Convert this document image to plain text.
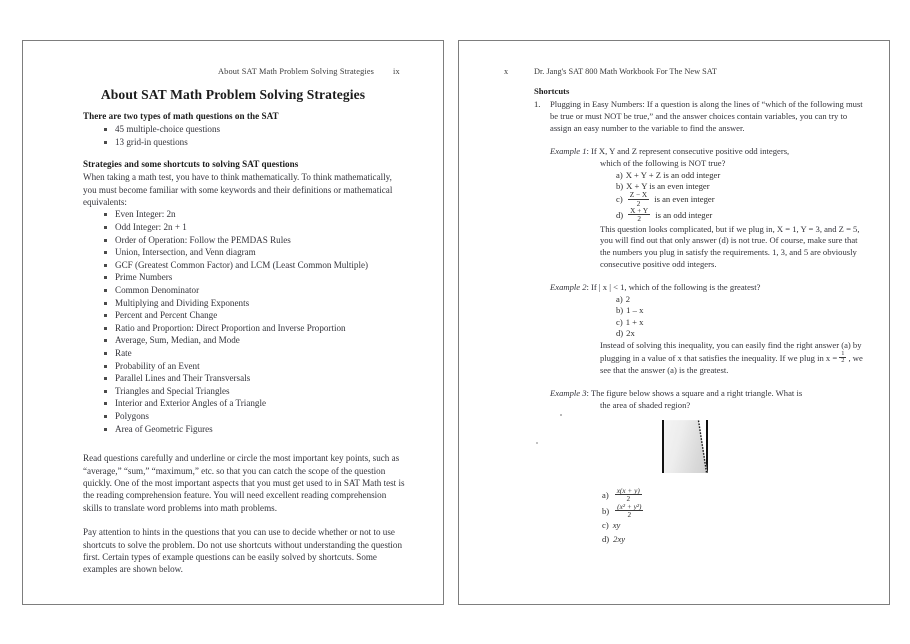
About SAT Math Problem Solving Strategies ix
About SAT Math Problem Solving Strategies
There are two types of math questions on the SAT
45 multiple-choice questions
13 grid-in questions
Strategies and some shortcuts to solving SAT questions

When taking a math test, you have to think mathematically. To think mathematically, you must become familiar with some keywords and their definitions or mathematical equivalents:

Even Integer: 2n
Odd Integer: 2n + 1
Order of Operation: Follow the PEMDAS Rules
Union, Intersection, and Venn diagram
GCF (Greatest Common Factor) and LCM (Least Common Multiple)
Prime Numbers
Common Denominator
Multiplying and Dividing Exponents
Percent and Percent Change
Ratio and Proportion: Direct Proportion and Inverse Proportion
Average, Sum, Median, and Mode
Rate
Probability of an Event
Parallel Lines and Their Transversals
Triangles and Special Triangles
Interior and Exterior Angles of a Triangle
Polygons
Area of Geometric Figures

Read questions carefully and underline or circle the most important key points, such as “average,” “sum,” “maximum,” etc. so that you can catch the scope of the question quickly. One of the most important aspects that you must get used to in SAT Math test is the reading comprehension feature. You will need excellent reading comprehension skills to translate word problems into math problems.

Pay attention to hints in the questions that you can use to decide whether or not to use shortcuts to solve the problem. Do not use shortcuts without understanding the question first. Certain types of example questions can be easily solved by shortcuts. Some examples are shown below.

x	Dr. Jang's SAT 800 Math Workbook For The New SAT
Shortcuts
1. Plugging in Easy Numbers: If a question is along the lines of “which of the following must be true or must NOT be true,” and the answer choices contain variables, you can try to assign an easy number to the variable to find the answer.

Example 1: If X, Y and Z represent consecutive positive odd integers,

which of the following is NOT true?

a) X + Y + Z is an odd integer
b) X + Y is an even integer
$c) \frac{Z - X}{2}$ is an even integer
$d) \frac{X + Y}{2}$ is an odd integer

This question looks complicated, but if we plug in, X = 1, Y = 3, and Z = 5, you will find out that only answer (d) is not true. Of course, make sure that the numbers you plug in satisfy the requirements. 1, 3, and 5 are obviously consecutive positive odd integers.

Example 2: If | x | < 1, which of the following is the greatest?

a) 2
b) 1 – x
c) 1 + x
d) 2x

Instead of solving this inequality, you can easily find the right answer (a) by plugging in a value of x that satisfies the inequality. If we plug in $x = \frac{1}{2}$ , we see that the answer (a) is the greatest.

Example 3: The figure below shows a square and a right triangle. What is

the area of shaded region?

$a) \frac{x(x + y)}{2}$
$b) \frac{\text{(x² + y²)}}{2}$
c) xy
d) 2xy
